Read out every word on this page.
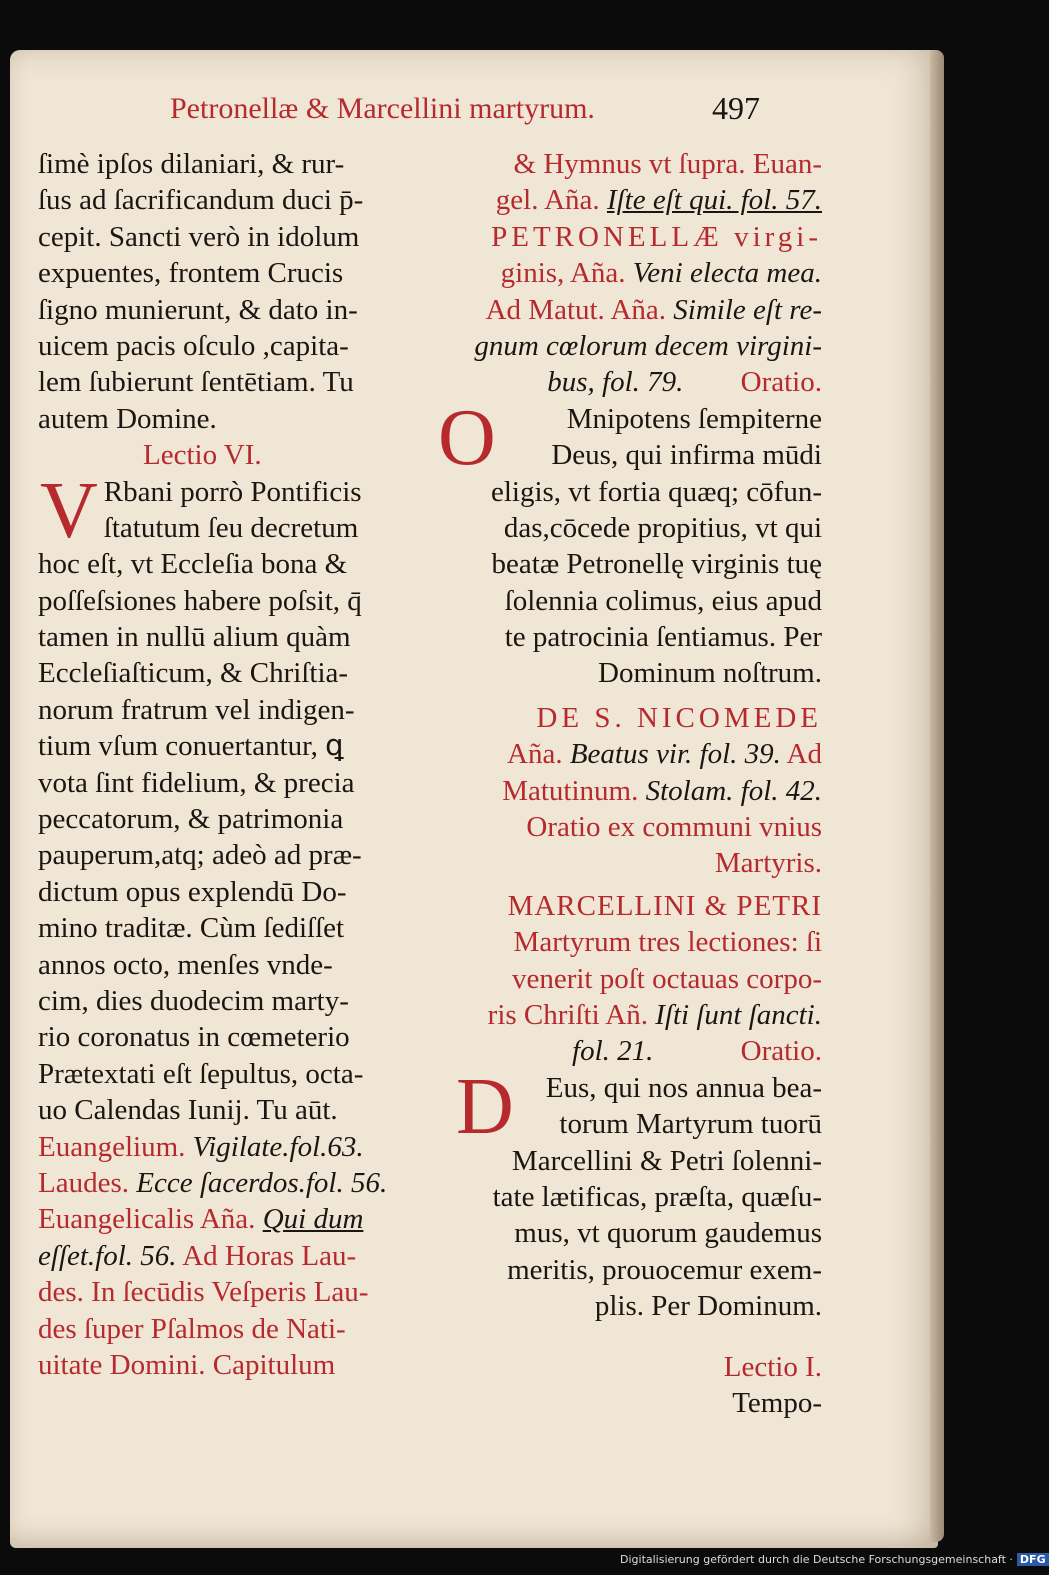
Petronellæ & Marcellini martyrum.	497
ſimè ipſos dilaniari, & rur-
ſus ad ſacrificandum duci p̄-
cepit. Sancti verò in idolum
expuentes, frontem Crucis
ſigno munierunt, & dato in-
uicem pacis oſculo ,capita-
lem ſubierunt ſentētiam. Tu
autem Domine.
Lectio VI.
V Rbani porrò Pontificis
ſtatutum ſeu decretum
hoc eſt, vt Eccleſia bona &
poſſeſsiones habere poſsit, q̄
tamen in nullū alium quàm
Eccleſiaſticum, & Chriſtia-
norum fratrum vel indigen-
tium vſum conuertantur, ꝗ
vota ſint fidelium, & precia
peccatorum, & patrimonia
pauperum,atq; adeò ad præ-
dictum opus explendū Do-
mino traditæ. Cùm ſediſſet
annos octo, menſes vnde-
cim, dies duodecim marty-
rio coronatus in cœmeterio
Prætextati eſt ſepultus, octa-
uo Calendas Iunij. Tu aūt.
Euangelium. Vigilate.fol.63.
Laudes. Ecce ſacerdos.fol. 56.
Euangelicalis Aña. Qui dum
eſſet.fol. 56. Ad Horas Lau-
des. In ſecūdis Veſperis Lau-
des ſuper Pſalmos de Nati-
uitate Domini. Capitulum
& Hymnus vt ſupra. Euan-
gel. Aña. Iſte eſt qui. fol. 57.
PETRONELLÆ virgi-
ginis, Aña. Veni electa mea.
Ad Matut. Aña. Simile eſt re-
gnum cœlorum decem virgini-
bus, fol. 79. Oratio.
O	Mnipotens ſempiterne
Deus, qui infirma mūdi
eligis, vt fortia quæq; cōfun-
das,cōcede propitius, vt qui
beatæ Petronellę virginis tuę
ſolennia colimus, eius apud
te patrocinia ſentiamus. Per
Dominum noſtrum.
DE S. NICOMEDE
Aña. Beatus vir. fol. 39. Ad
Matutinum. Stolam. fol. 42.
Oratio ex communi vnius
Martyris.
MARCELLINI & PETRI
Martyrum tres lectiones: ſi
venerit poſt octauas corpo-
ris Chriſti Añ. Iſti ſunt ſancti.
fol. 21.	Oratio.
D	Eus, qui nos annua bea-
torum Martyrum tuorū
Marcellini & Petri ſolenni-
tate lætificas, præſta, quæſu-
mus, vt quorum gaudemus
meritis, prouocemur exem-
plis. Per Dominum.
Lectio I.
Tempo-
Digitalisierung gefördert durch die Deutsche Forschungsgemeinschaft · DFG
